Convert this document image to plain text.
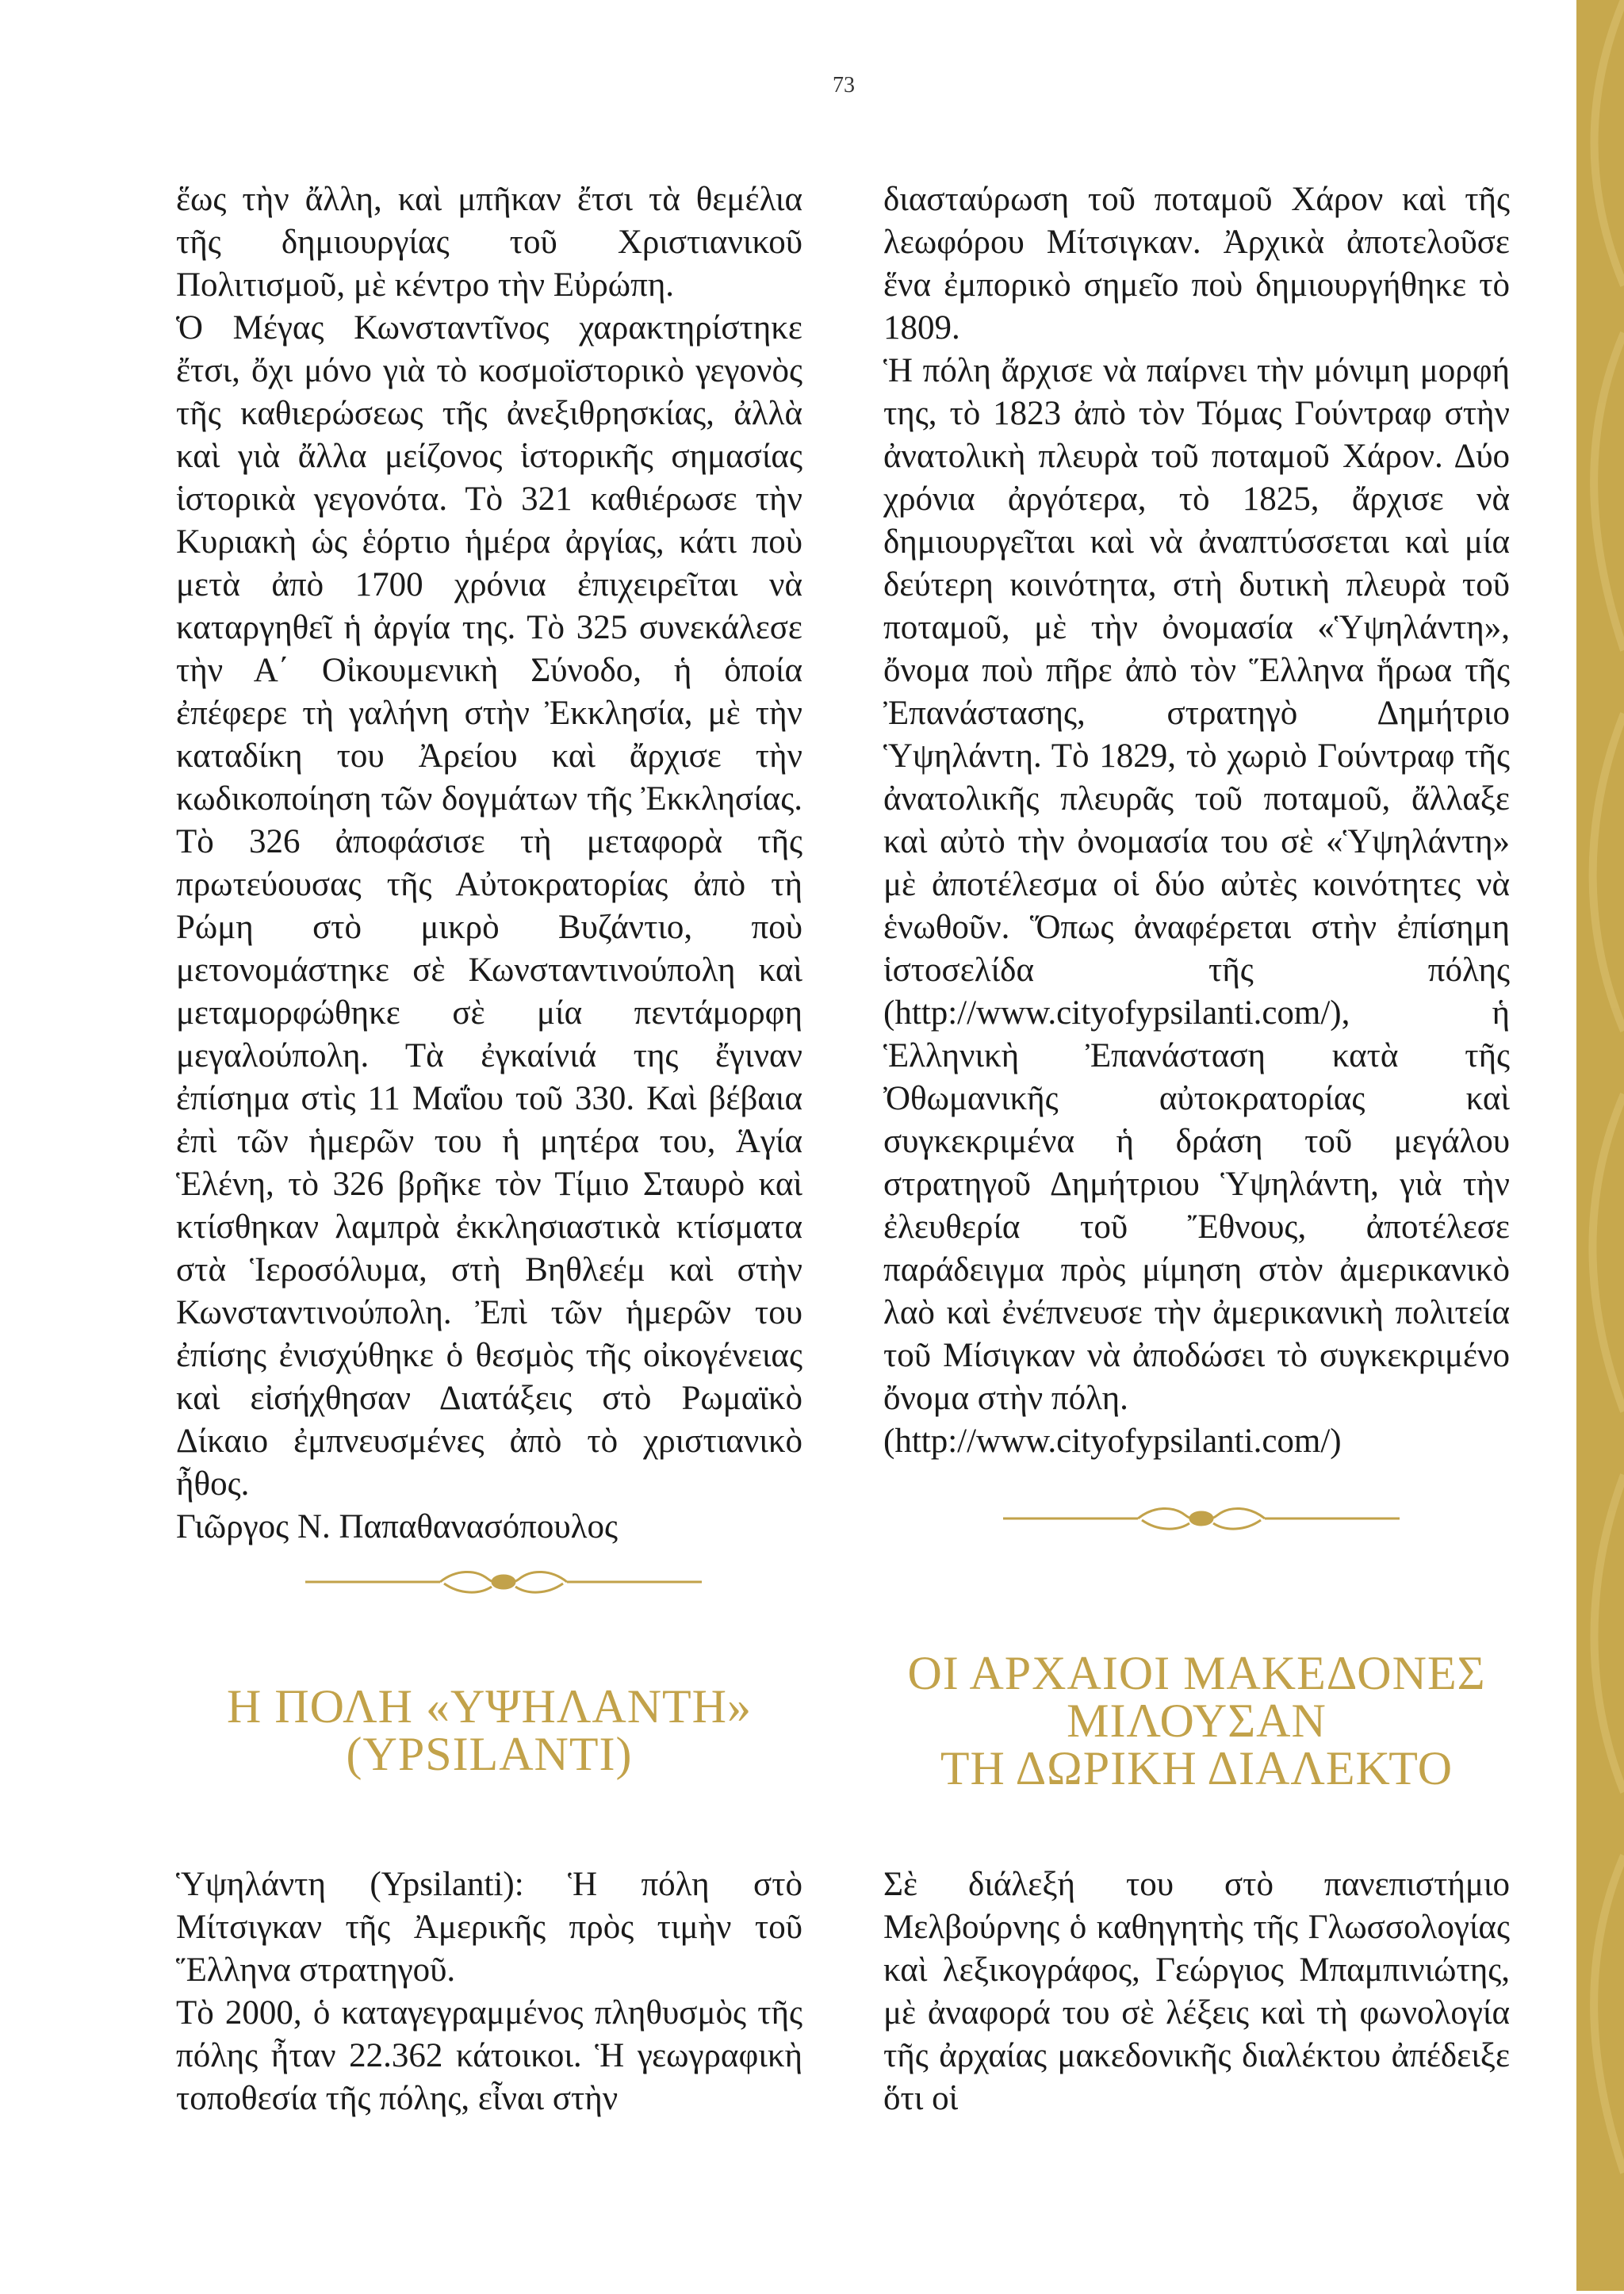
73

ἕως τὴν ἄλλη, καὶ μπῆκαν ἔτσι τὰ θεμέλια τῆς δημιουργίας τοῦ Χριστιανικοῦ Πολιτισμοῦ, μὲ κέντρο τὴν Εὐρώπη.

Ὁ Μέγας Κωνσταντῖνος χαρακτηρίστηκε ἔτσι, ὄχι μόνο γιὰ τὸ κοσμοϊστορικὸ γεγονὸς τῆς καθιερώσεως τῆς ἀνεξιθρησκίας, ἀλλὰ καὶ γιὰ ἄλλα μείζονος ἱστορικῆς σημασίας ἱστορικὰ γεγονότα. Τὸ 321 καθιέρωσε τὴν Κυριακὴ ὡς ἑόρτιο ἡμέρα ἀργίας, κάτι ποὺ μετὰ ἀπὸ 1700 χρόνια ἐπιχειρεῖται νὰ καταργηθεῖ ἡ ἀργία της. Τὸ 325 συνεκάλεσε τὴν Α΄ Οἰκουμενικὴ Σύνοδο, ἡ ὁποία ἐπέφερε τὴ γαλήνη στὴν Ἐκκλησία, μὲ τὴν καταδίκη του Ἀρείου καὶ ἄρχισε τὴν κωδικοποίηση τῶν δογμάτων τῆς Ἐκκλησίας. Τὸ 326 ἀποφάσισε τὴ μεταφορὰ τῆς πρωτεύουσας τῆς Αὐτοκρατορίας ἀπὸ τὴ Ρώμη στὸ μικρὸ Βυζάντιο, ποὺ μετονομάστηκε σὲ Κωνσταντινούπολη καὶ μεταμορφώθηκε σὲ μία πεντάμορφη μεγαλούπολη. Τὰ ἐγκαίνιά της ἔγιναν ἐπίσημα στὶς 11 Μαΐου τοῦ 330. Καὶ βέβαια ἐπὶ τῶν ἡμερῶν του ἡ μητέρα του, Ἁγία Ἑλένη, τὸ 326 βρῆκε τὸν Τίμιο Σταυρὸ καὶ κτίσθηκαν λαμπρὰ ἐκκλησιαστικὰ κτίσματα στὰ Ἱεροσόλυμα, στὴ Βηθλεέμ καὶ στὴν Κωνσταντινούπολη. Ἐπὶ τῶν ἡμερῶν του ἐπίσης ἐνισχύθηκε ὁ θεσμὸς τῆς οἰκογένειας καὶ εἰσήχθησαν Διατάξεις στὸ Ρωμαϊκὸ Δίκαιο ἐμπνευσμένες ἀπὸ τὸ χριστιανικὸ ἦθος.

Γιῶργος Ν. Παπαθανασόπουλος

διασταύρωση τοῦ ποταμοῦ Χάρον καὶ τῆς λεωφόρου Μίτσιγκαν. Ἀρχικὰ ἀποτελοῦσε ἕνα ἐμπορικὸ σημεῖο ποὺ δημιουργήθηκε τὸ 1809.

Ἡ πόλη ἄρχισε νὰ παίρνει τὴν μόνιμη μορφή της, τὸ 1823 ἀπὸ τὸν Τόμας Γούντραφ στὴν ἀνατολικὴ πλευρὰ τοῦ ποταμοῦ Χάρον. Δύο χρόνια ἀργότερα, τὸ 1825, ἄρχισε νὰ δημιουργεῖται καὶ νὰ ἀναπτύσσεται καὶ μία δεύτερη κοινότητα, στὴ δυτικὴ πλευρὰ τοῦ ποταμοῦ, μὲ τὴν ὀνομασία «Ὑψηλάντη», ὄνομα ποὺ πῆρε ἀπὸ τὸν Ἕλληνα ἥρωα τῆς Ἐπανάστασης, στρατηγὸ Δημήτριο Ὑψηλάντη. Τὸ 1829, τὸ χωριὸ Γούντραφ τῆς ἀνατολικῆς πλευρᾶς τοῦ ποταμοῦ, ἄλλαξε καὶ αὐτὸ τὴν ὀνομασία του σὲ «Ὑψηλάντη» μὲ ἀποτέλεσμα οἱ δύο αὐτὲς κοινότητες νὰ ἑνωθοῦν. Ὅπως ἀναφέρεται στὴν ἐπίσημη ἱστοσελίδα τῆς πόλης (http://www.cityofypsilanti.com/), ἡ Ἑλληνικὴ Ἐπανάσταση κατὰ τῆς Ὀθωμανικῆς αὐτοκρατορίας καὶ συγκεκριμένα ἡ δράση τοῦ μεγάλου στρατηγοῦ Δημήτριου Ὑψηλάντη, γιὰ τὴν ἐλευθερία τοῦ Ἔθνους, ἀποτέλεσε παράδειγμα πρὸς μίμηση στὸν ἀμερικανικὸ λαὸ καὶ ἐνέπνευσε τὴν ἀμερικανικὴ πολιτεία τοῦ Μίσιγκαν νὰ ἀποδώσει τὸ συγκεκριμένο ὄνομα στὴν πόλη.

(http://www.cityofypsilanti.com/)

Η ΠΟΛΗ «ΥΨΗΛΑΝΤΗ»
(YPSILANTI)
ΟΙ ΑΡΧΑΙΟΙ ΜΑΚΕΔΟΝΕΣ
ΜΙΛΟΥΣΑΝ
ΤΗ ΔΩΡΙΚΗ ΔΙΑΛΕΚΤΟ

Ὑψηλάντη (Ypsilanti): Ἡ πόλη στὸ Μίτσιγκαν τῆς Ἀμερικῆς πρὸς τιμὴν τοῦ Ἕλληνα στρατηγοῦ.

Τὸ 2000, ὁ καταγεγραμμένος πληθυσμὸς τῆς πόλης ἦταν 22.362 κάτοικοι. Ἡ γεωγραφικὴ τοποθεσία τῆς πόλης, εἶναι στὴν

Σὲ διάλεξή του στὸ πανεπιστήμιο Μελβούρνης ὁ καθηγητὴς τῆς Γλωσσολογίας καὶ λεξικογράφος, Γεώργιος Μπαμπινιώτης, μὲ ἀναφορά του σὲ λέξεις καὶ τὴ φωνολογία τῆς ἀρχαίας μακεδονικῆς διαλέκτου ἀπέδειξε ὅτι οἱ
